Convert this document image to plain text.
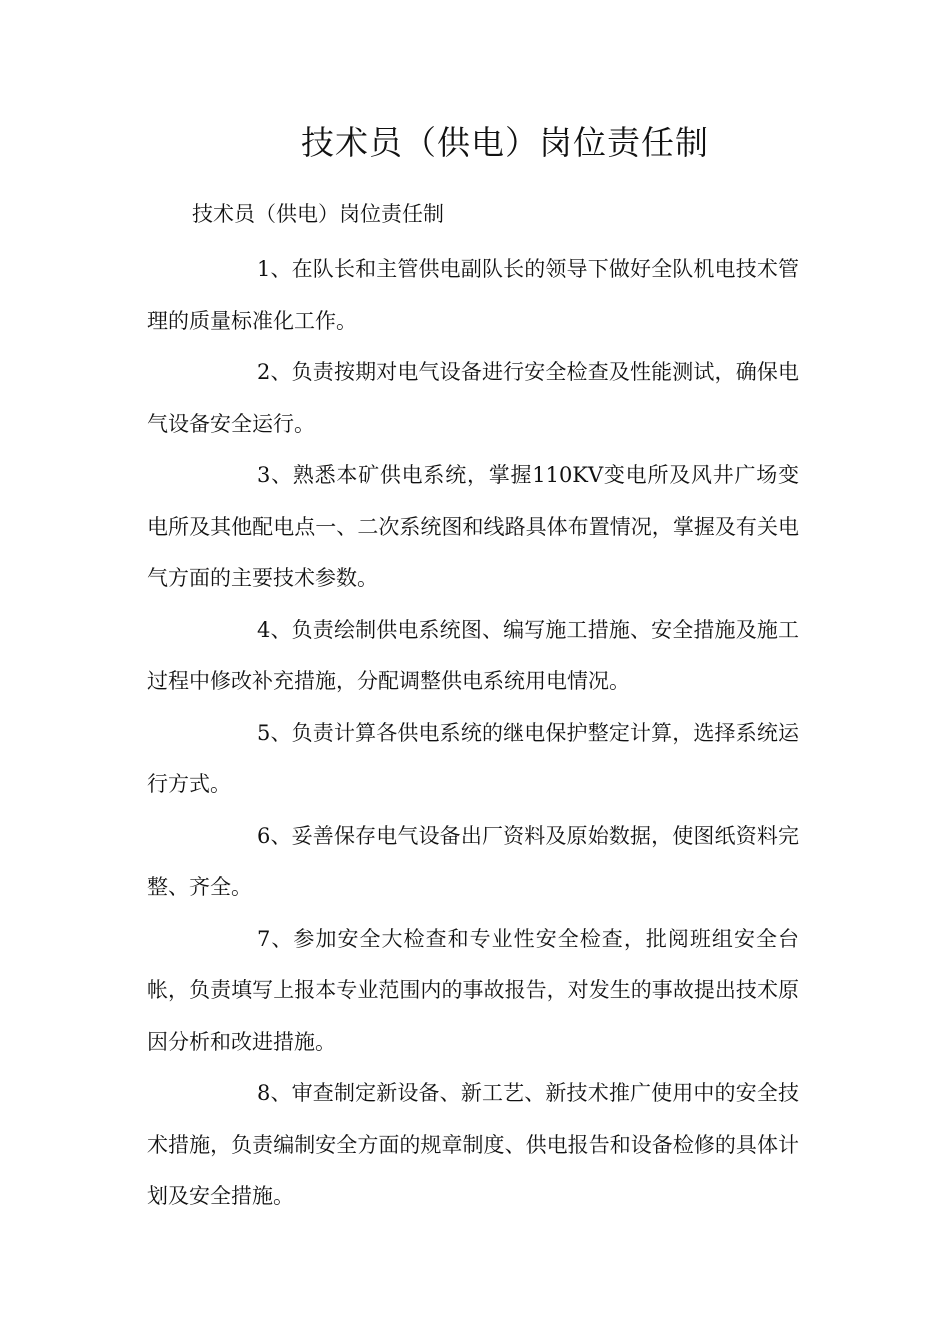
技术员（供电）岗位责任制
技术员（供电）岗位责任制

1、在队长和主管供电副队长的领导下做好全队机电技术管理的质量标准化工作。

2、负责按期对电气设备进行安全检查及性能测试，确保电气设备安全运行。

3、熟悉本矿供电系统，掌握110KV变电所及风井广场变电所及其他配电点一、二次系统图和线路具体布置情况，掌握及有关电气方面的主要技术参数。

4、负责绘制供电系统图、编写施工措施、安全措施及施工过程中修改补充措施，分配调整供电系统用电情况。

5、负责计算各供电系统的继电保护整定计算，选择系统运行方式。

6、妥善保存电气设备出厂资料及原始数据，使图纸资料完整、齐全。

7、参加安全大检查和专业性安全检查，批阅班组安全台帐，负责填写上报本专业范围内的事故报告，对发生的事故提出技术原因分析和改进措施。

8、审查制定新设备、新工艺、新技术推广使用中的安全技术措施，负责编制安全方面的规章制度、供电报告和设备检修的具体计划及安全措施。
